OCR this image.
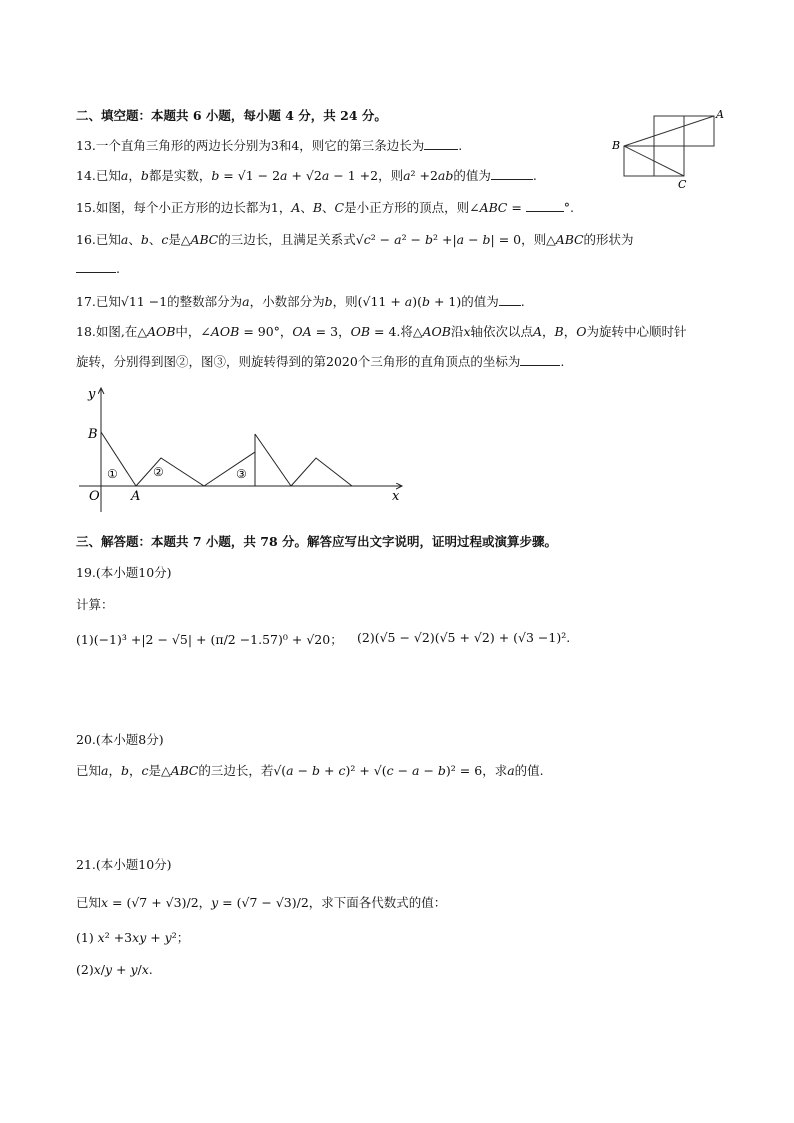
二、填空题：本题共 6 小题，每小题 4 分，共 24 分。
13.一个直角三角形的两边长分别为3和4，则它的第三条边长为	.
14.已知𝑎，𝑏都是实数，𝑏 = √1 − 2𝑎 + √2𝑎 − 1 +2，则𝑎² +2𝑎𝑏的值为	.
15.如图，每个小正方形的边长都为1，𝐴、𝐵、𝐶是小正方形的顶点，则∠𝐴𝐵𝐶 =	°.
A
B
C
16.已知𝑎、𝑏、𝑐是△𝐴𝐵𝐶的三边长，且满足关系式√𝑐² − 𝑎² − 𝑏² +|𝑎 − 𝑏| = 0，则△𝐴𝐵𝐶的形状为
.
17.已知√11 −1的整数部分为𝑎，小数部分为𝑏，则(√11 + 𝑎)(𝑏 + 1)的值为 .
18.如图,在△𝐴𝑂𝐵中，∠𝐴𝑂𝐵 = 90°，𝑂𝐴 = 3，𝑂𝐵 = 4.将△𝐴𝑂𝐵沿𝑥轴依次以点𝐴，𝐵，𝑂为旋转中心顺时针
旋转，分别得到图②，图③，则旋转得到的第2020个三角形的直角顶点的坐标为	.
y
x
B
O A
①	②	③
三、解答题：本题共 7 小题，共 78 分。解答应写出文字说明，证明过程或演算步骤。
19.(本小题10分)
计算：
(1)(−1)³ +|2 − √5| + (π/2 −1.57)⁰ + √20； (2)(√5 − √2)(√5 + √2) + (√3 −1)².
20.(本小题8分)
已知𝑎，𝑏，𝑐是△𝐴𝐵𝐶的三边长，若√(𝑎 − 𝑏 + 𝑐)² + √(𝑐 − 𝑎 − 𝑏)² = 6，求𝑎的值.
21.(本小题10分)
已知𝑥 = (√7 + √3)/2，𝑦 = (√7 − √3)/2，求下面各代数式的值：
(1) 𝑥² +3𝑥𝑦 + 𝑦²；
(2)𝑥/𝑦 + 𝑦/𝑥.
